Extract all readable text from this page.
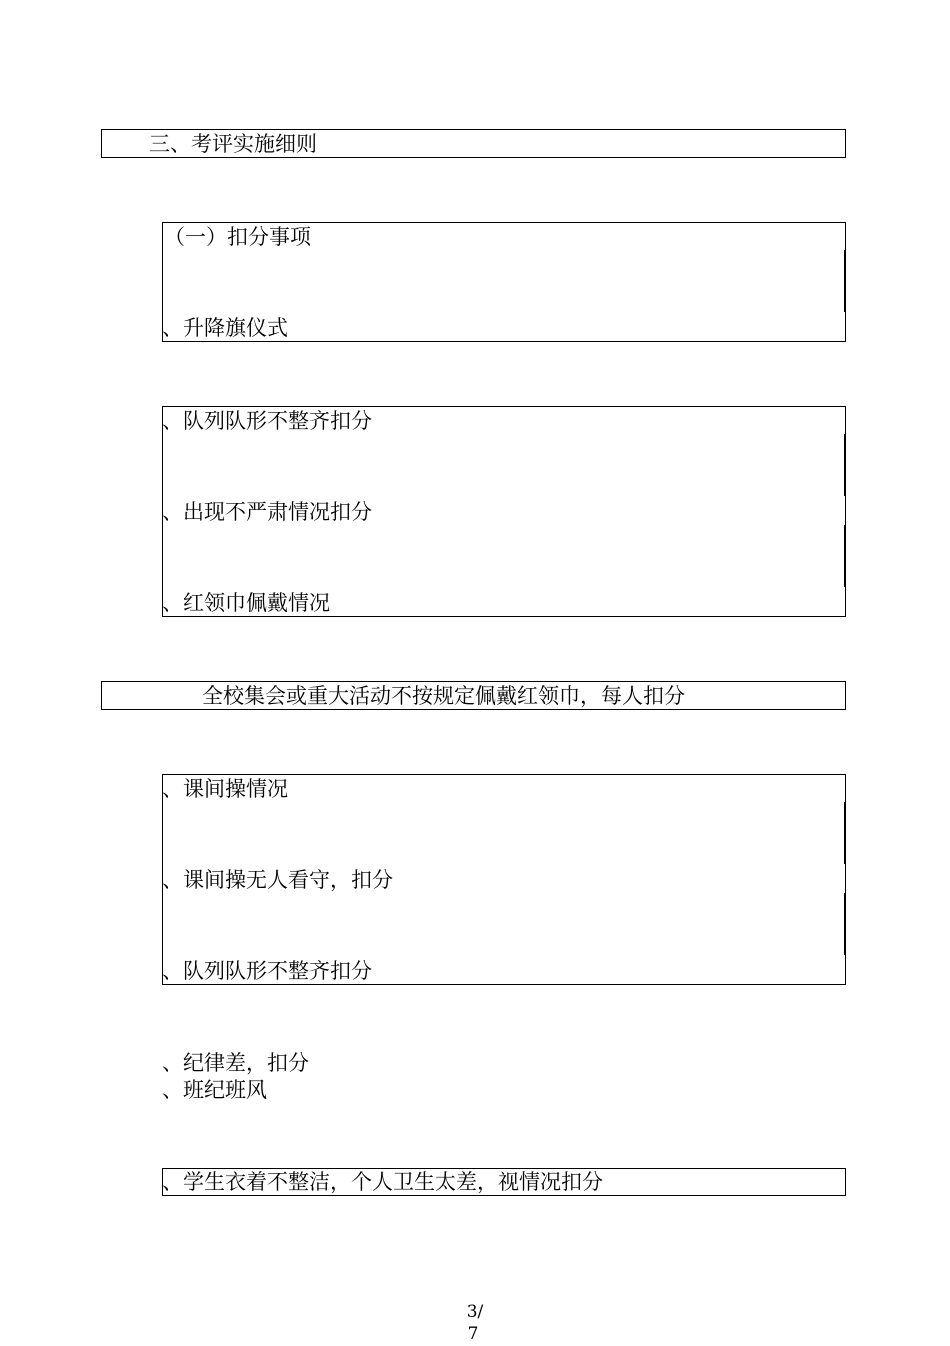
三、考评实施细则
（一）扣分事项
、升降旗仪式
、队列队形不整齐扣分
、出现不严肃情况扣分
、红领巾佩戴情况
全校集会或重大活动不按规定佩戴红领巾，每人扣分
、课间操情况
、课间操无人看守，扣分
、队列队形不整齐扣分
、纪律差，扣分
、班纪班风
、学生衣着不整洁，个人卫生太差，视情况扣分
3/
7
